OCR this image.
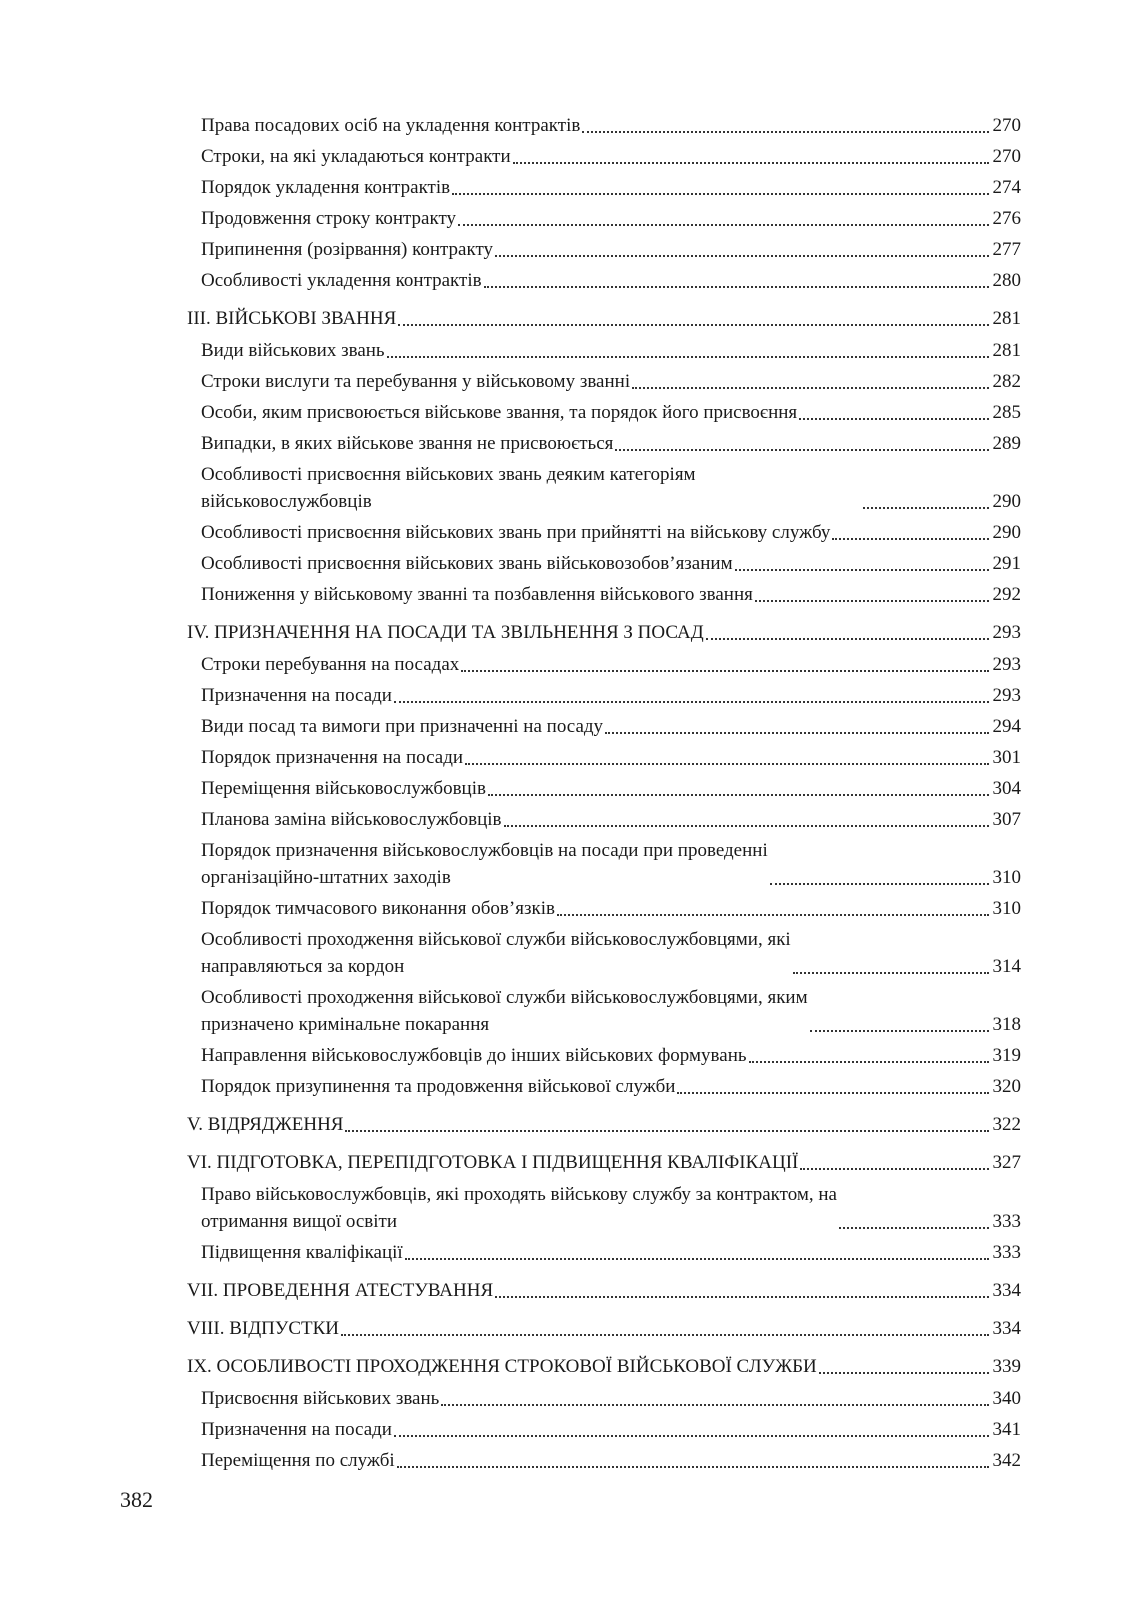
Права посадових осіб на укладення контрактів	270
Строки, на які укладаються контракти	270
Порядок укладення контрактів	274
Продовження строку контракту	276
Припинення (розірвання) контракту	277
Особливості укладення контрактів	280
III. ВІЙСЬКОВІ ЗВАННЯ	281
Види військових звань	281
Строки вислуги та перебування у військовому званні	282
Особи, яким присвоюється військове звання, та порядок його присвоєння	285
Випадки, в яких військове звання не присвоюється	289
Особливості присвоєння військових звань деяким категоріям військовослужбовців	290
Особливості присвоєння військових звань при прийнятті на військову службу	290
Особливості присвоєння військових звань військовозобов’язаним	291
Пониження у військовому званні та позбавлення військового звання	292
IV. ПРИЗНАЧЕННЯ НА ПОСАДИ ТА ЗВІЛЬНЕННЯ З ПОСАД	293
Строки перебування на посадах	293
Призначення на посади	293
Види посад та вимоги при призначенні на посаду	294
Порядок призначення на посади	301
Переміщення військовослужбовців	304
Планова заміна військовослужбовців	307
Порядок призначення військовослужбовців на посади при проведенні
організаційно-штатних заходів	310
Порядок тимчасового виконання обов’язків	310
Особливості проходження військової служби військовослужбовцями, які
направляються за кордон	314
Особливості проходження військової служби військовослужбовцями, яким
призначено кримінальне покарання	318
Направлення військовослужбовців до інших військових формувань	319
Порядок призупинення та продовження військової служби	320
V. ВІДРЯДЖЕННЯ	322
VI. ПІДГОТОВКА, ПЕРЕПІДГОТОВКА І ПІДВИЩЕННЯ КВАЛІФІКАЦІЇ	327
Право військовослужбовців, які проходять військову службу за контрактом, на
отримання вищої освіти	333
Підвищення кваліфікації	333
VII. ПРОВЕДЕННЯ АТЕСТУВАННЯ	334
VIII. ВІДПУСТКИ	334
IX. ОСОБЛИВОСТІ ПРОХОДЖЕННЯ СТРОКОВОЇ ВІЙСЬКОВОЇ СЛУЖБИ	339
Присвоєння військових звань	340
Призначення на посади	341
Переміщення по службі	342
382
